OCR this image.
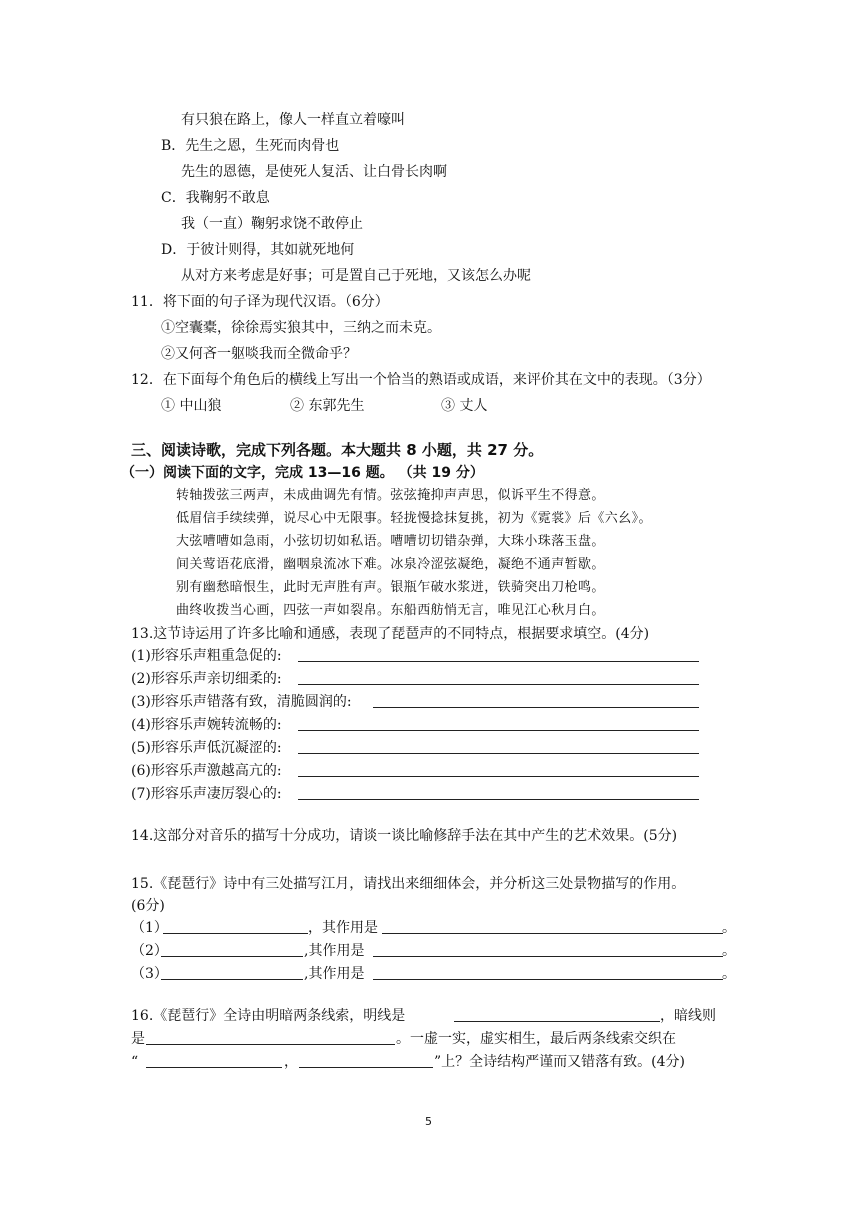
有只狼在路上，像人一样直立着嚎叫
B．先生之恩，生死而肉骨也
先生的恩德，是使死人复活、让白骨长肉啊
C．我鞠躬不敢息
我（一直）鞠躬求饶不敢停止
D．于彼计则得，其如就死地何
从对方来考虑是好事；可是置自己于死地，又该怎么办呢
11．将下面的句子译为现代汉语。（6分）
①空囊橐，徐徐焉实狼其中，三纳之而未克。
②又何吝一躯啖我而全微命乎？
12．在下面每个角色后的横线上写出一个恰当的熟语或成语，来评价其在文中的表现。（3分）
① 中山狼	② 东郭先生	③ 丈人
三、阅读诗歌，完成下列各题。本大题共 8 小题，共 27 分。
（一）阅读下面的文字，完成 13—16 题。 （共 19 分）
转轴拨弦三两声，未成曲调先有情。弦弦掩抑声声思，似诉平生不得意。
低眉信手续续弹，说尽心中无限事。轻拢慢捻抹复挑，初为《霓裳》后《六幺》。
大弦嘈嘈如急雨，小弦切切如私语。嘈嘈切切错杂弹，大珠小珠落玉盘。
间关莺语花底滑，幽咽泉流冰下难。冰泉冷涩弦凝绝，凝绝不通声暂歇。
别有幽愁暗恨生，此时无声胜有声。银瓶乍破水浆迸，铁骑突出刀枪鸣。
曲终收拨当心画，四弦一声如裂帛。东船西舫悄无言，唯见江心秋月白。
13.这节诗运用了许多比喻和通感，表现了琵琶声的不同特点，根据要求填空。(4分)
(1)形容乐声粗重急促的:
(2)形容乐声亲切细柔的:
(3)形容乐声错落有致，清脆圆润的:
(4)形容乐声婉转流畅的:
(5)形容乐声低沉凝涩的:
(6)形容乐声激越高亢的:
(7)形容乐声凄厉裂心的:
14.这部分对音乐的描写十分成功，请谈一谈比喻修辞手法在其中产生的艺术效果。(5分)
15.《琵琶行》诗中有三处描写江月，请找出来细细体会，并分析这三处景物描写的作用。
(6分)
（1）	，其作用是	。
（2）	,其作用是	。
（3）	,其作用是	。
16.《琵琶行》全诗由明暗两条线索，明线是	，暗线则
是	。一虚一实，虚实相生，最后两条线索交织在
“	，	”上？全诗结构严谨而又错落有致。(4分)
5
